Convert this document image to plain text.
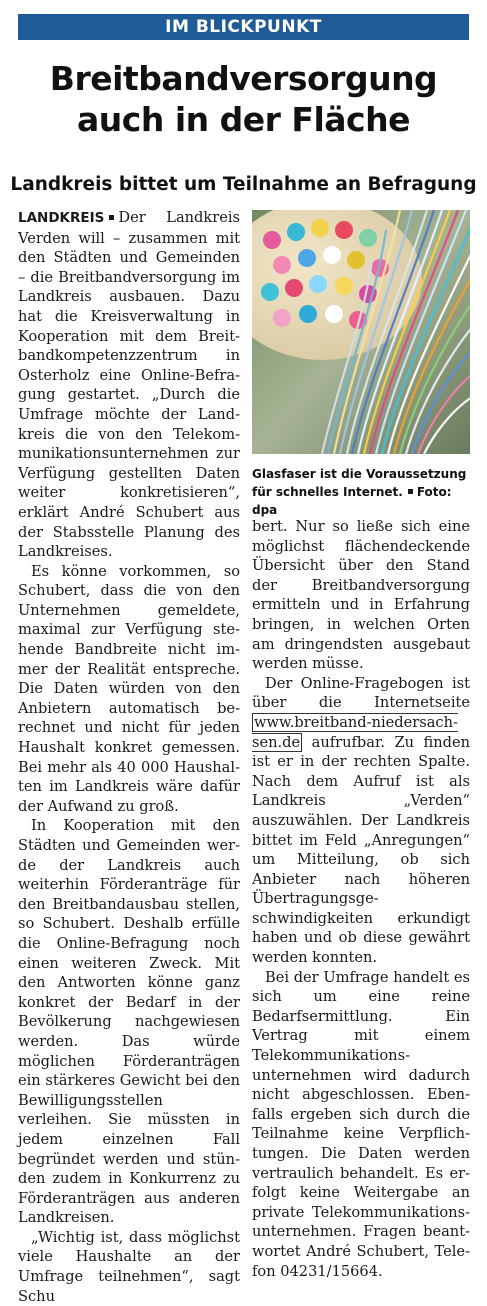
IM BLICKPUNKT
Breitbandversorgung
auch in der Fläche
Landkreis bittet um Teilnahme an Befragung

LANDKREIS Der Landkreis Verden will – zusammen mit den Städten und Gemeinden – die Breitbandversorgung im Landkreis ausbauen. Dazu hat die Kreisverwaltung in Kooperation mit dem Breitbandkompetenzzentrum in Osterholz eine Online-Befragung gestartet. „Durch die Umfrage möchte der Landkreis die von den Telekommunikationsunternehmen zur Verfügung gestellten Daten weiter konkretisieren“, erklärt André Schubert aus der Stabsstelle Planung des Landkreises.

Es könne vorkommen, so Schubert, dass die von den Unternehmen gemeldete, maximal zur Verfügung stehende Bandbreite nicht immer der Realität entspreche. Die Daten würden von den Anbietern automatisch berechnet und nicht für jeden Haushalt konkret gemessen. Bei mehr als 40 000 Haushalten im Landkreis wäre dafür der Aufwand zu groß.

In Kooperation mit den Städten und Gemeinden werde der Landkreis auch weiterhin Förderanträge für den Breitbandausbau stellen, so Schubert. Deshalb erfülle die Online-Befragung noch einen weiteren Zweck. Mit den Antworten könne ganz konkret der Bedarf in der Bevölkerung nachgewiesen werden. Das würde möglichen Förderanträgen ein stärkeres Gewicht bei den Bewilligungsstellen verleihen. Sie müssten in jedem einzelnen Fall begründet werden und stünden zudem in Konkurrenz zu Förderanträgen aus anderen Landkreisen.

„Wichtig ist, dass möglichst viele Haushalte an der Umfrage teilnehmen“, sagt Schu

Glasfaser ist die Voraussetzung für schnelles Internet. Foto: dpa

bert. Nur so ließe sich eine möglichst flächendeckende Übersicht über den Stand der Breitbandversorgung ermitteln und in Erfahrung bringen, in welchen Orten am dringendsten ausgebaut werden müsse.

Der Online-Fragebogen ist über die Internetseite www.breitband-niedersachsen.de aufrufbar. Zu finden ist er in der rechten Spalte. Nach dem Aufruf ist als Landkreis „Verden“ auszuwählen. Der Landkreis bittet im Feld „Anregungen“ um Mitteilung, ob sich Anbieter nach höheren Übertragungsgeschwindigkeiten erkundigt haben und ob diese gewährt werden konnten.

Bei der Umfrage handelt es sich um eine reine Bedarfsermittlung. Ein Vertrag mit einem Telekommunikationsunternehmen wird dadurch nicht abgeschlossen. Ebenfalls ergeben sich durch die Teilnahme keine Verpflichtungen. Die Daten werden vertraulich behandelt. Es erfolgt keine Weitergabe an private Telekommunikationsunternehmen. Fragen beantwortet André Schubert, Telefon 04231/15664.
